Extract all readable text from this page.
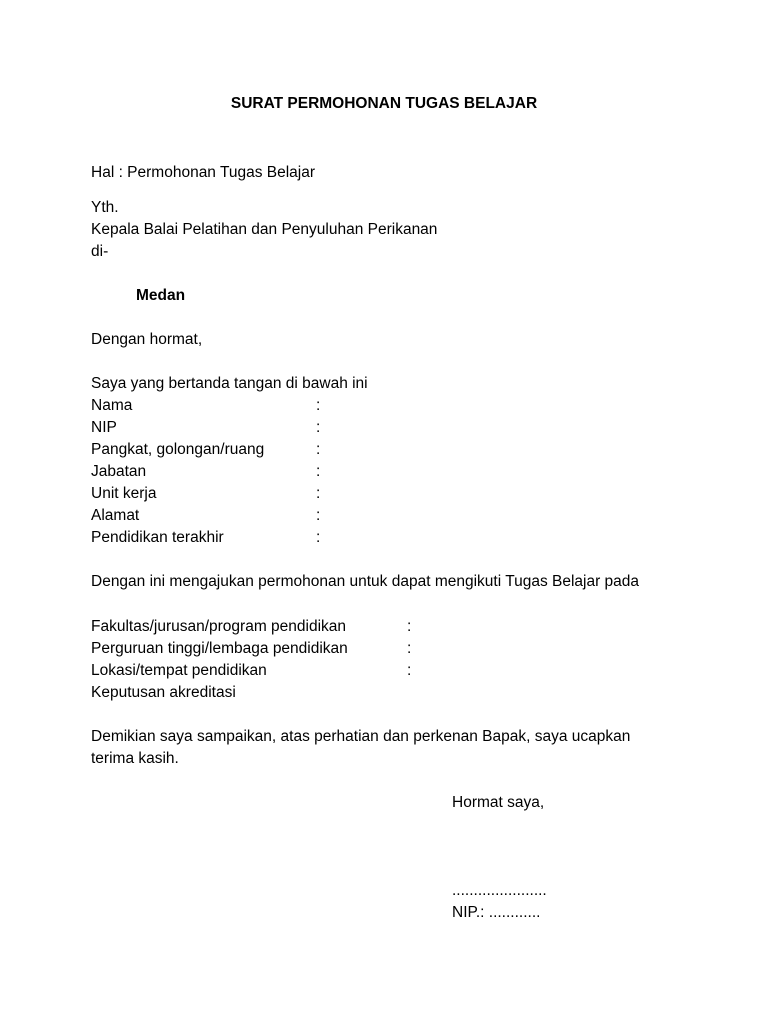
SURAT PERMOHONAN TUGAS BELAJAR
Hal : Permohonan Tugas Belajar
Yth.
Kepala Balai Pelatihan dan Penyuluhan Perikanan
di-
Medan
Dengan hormat,
Saya yang bertanda tangan di bawah ini
Nama	:
NIP	:
Pangkat, golongan/ruang	:
Jabatan	:
Unit kerja	:
Alamat	:
Pendidikan terakhir	:
Dengan ini mengajukan permohonan untuk dapat mengikuti Tugas Belajar pada
Fakultas/jurusan/program pendidikan	:
Perguruan tinggi/lembaga pendidikan	:
Lokasi/tempat pendidikan	:
Keputusan akreditasi
Demikian saya sampaikan, atas perhatian dan perkenan Bapak, saya ucapkan
terima kasih.
Hormat saya,
......................
NIP.: ............
